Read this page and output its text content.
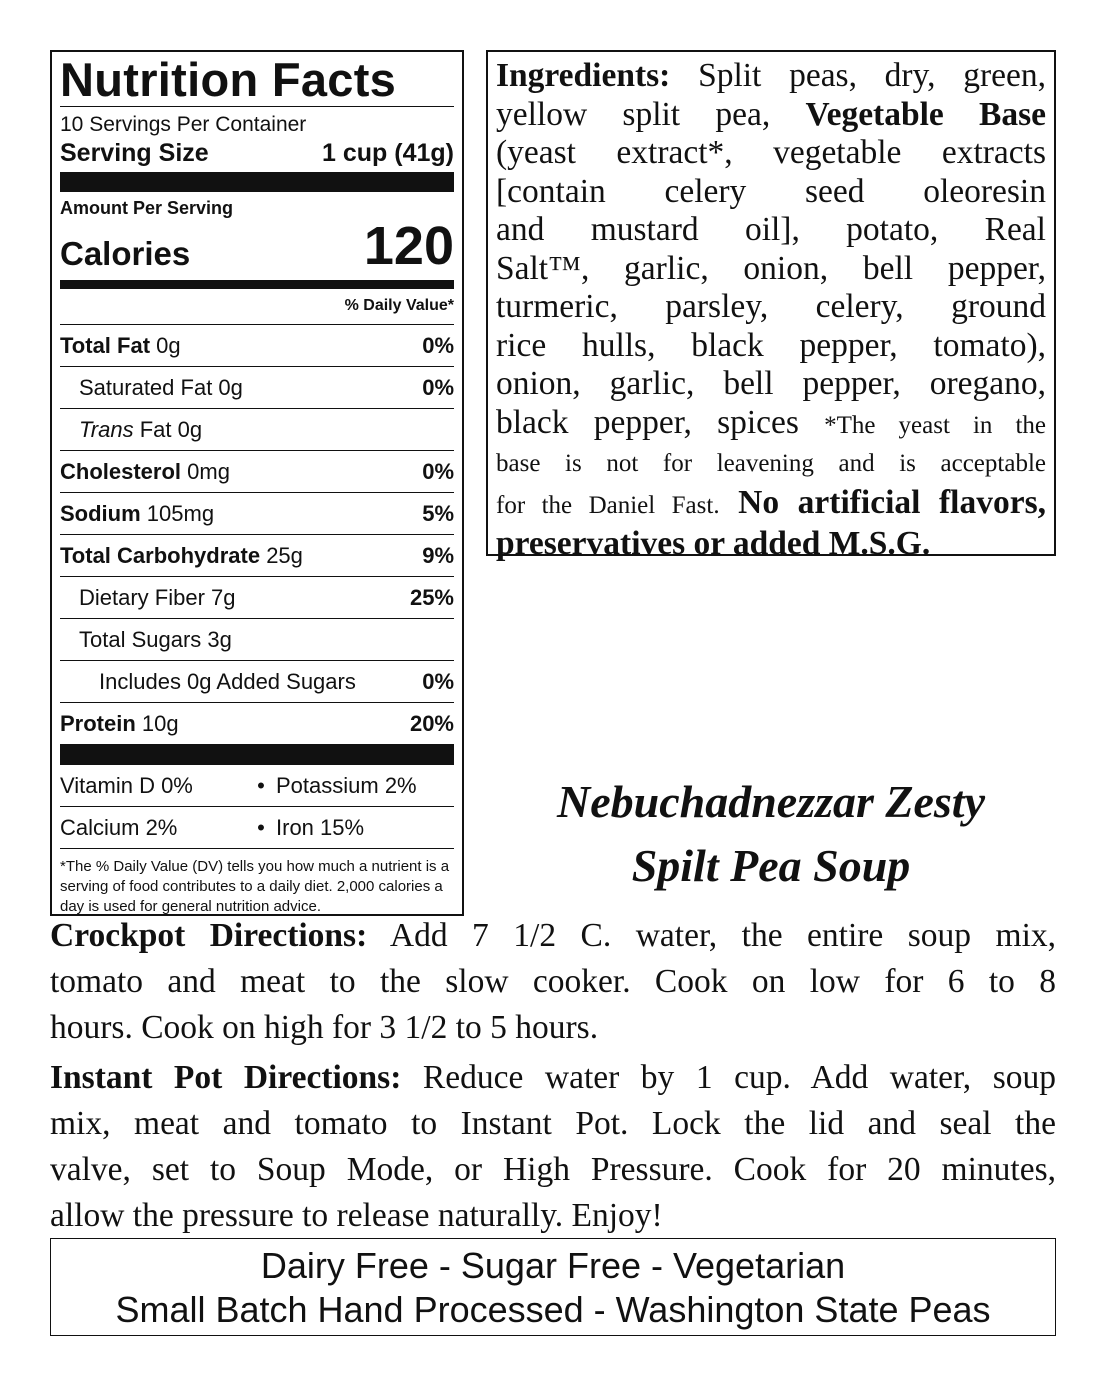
Nutrition Facts
10 Servings Per Container
Serving Size	1 cup (41g)
Amount Per Serving
Calories	120
% Daily Value*
Total Fat 0g	0%
Saturated Fat 0g	0%
Trans Fat 0g
Cholesterol 0mg	0%
Sodium 105mg	5%
Total Carbohydrate 25g	9%
Dietary Fiber 7g	25%
Total Sugars 3g
Includes 0g Added Sugars	0%
Protein 10g	20%
Vitamin D 0%	• Potassium 2%
Calcium 2%	• Iron 15%
*The % Daily Value (DV) tells you how much a nutrient is a serving of food contributes to a daily diet. 2,000 calories a day is used for general nutrition advice.
Ingredients: Split peas, dry, green,
yellow split pea, Vegetable Base
(yeast extract*, vegetable extracts
[contain celery seed oleoresin
and mustard oil], potato, Real
Salt™, garlic, onion, bell pepper,
turmeric, parsley, celery, ground
rice hulls, black pepper, tomato),
onion, garlic, bell pepper, oregano,
black pepper, spices *The yeast in the
base is not for leavening and is acceptable
for the Daniel Fast. No artificial flavors,
preservatives or added M.S.G.
Nebuchadnezzar Zesty
Spilt Pea Soup
Crockpot Directions: Add 7 1/2 C. water, the entire soup mix,
tomato and meat to the slow cooker. Cook on low for 6 to 8
hours. Cook on high for 3 1/2 to 5 hours.
Instant Pot Directions: Reduce water by 1 cup. Add water, soup
mix, meat and tomato to Instant Pot. Lock the lid and seal the
valve, set to Soup Mode, or High Pressure. Cook for 20 minutes,
allow the pressure to release naturally. Enjoy!
Dairy Free - Sugar Free - Vegetarian
Small Batch Hand Processed - Washington State Peas
